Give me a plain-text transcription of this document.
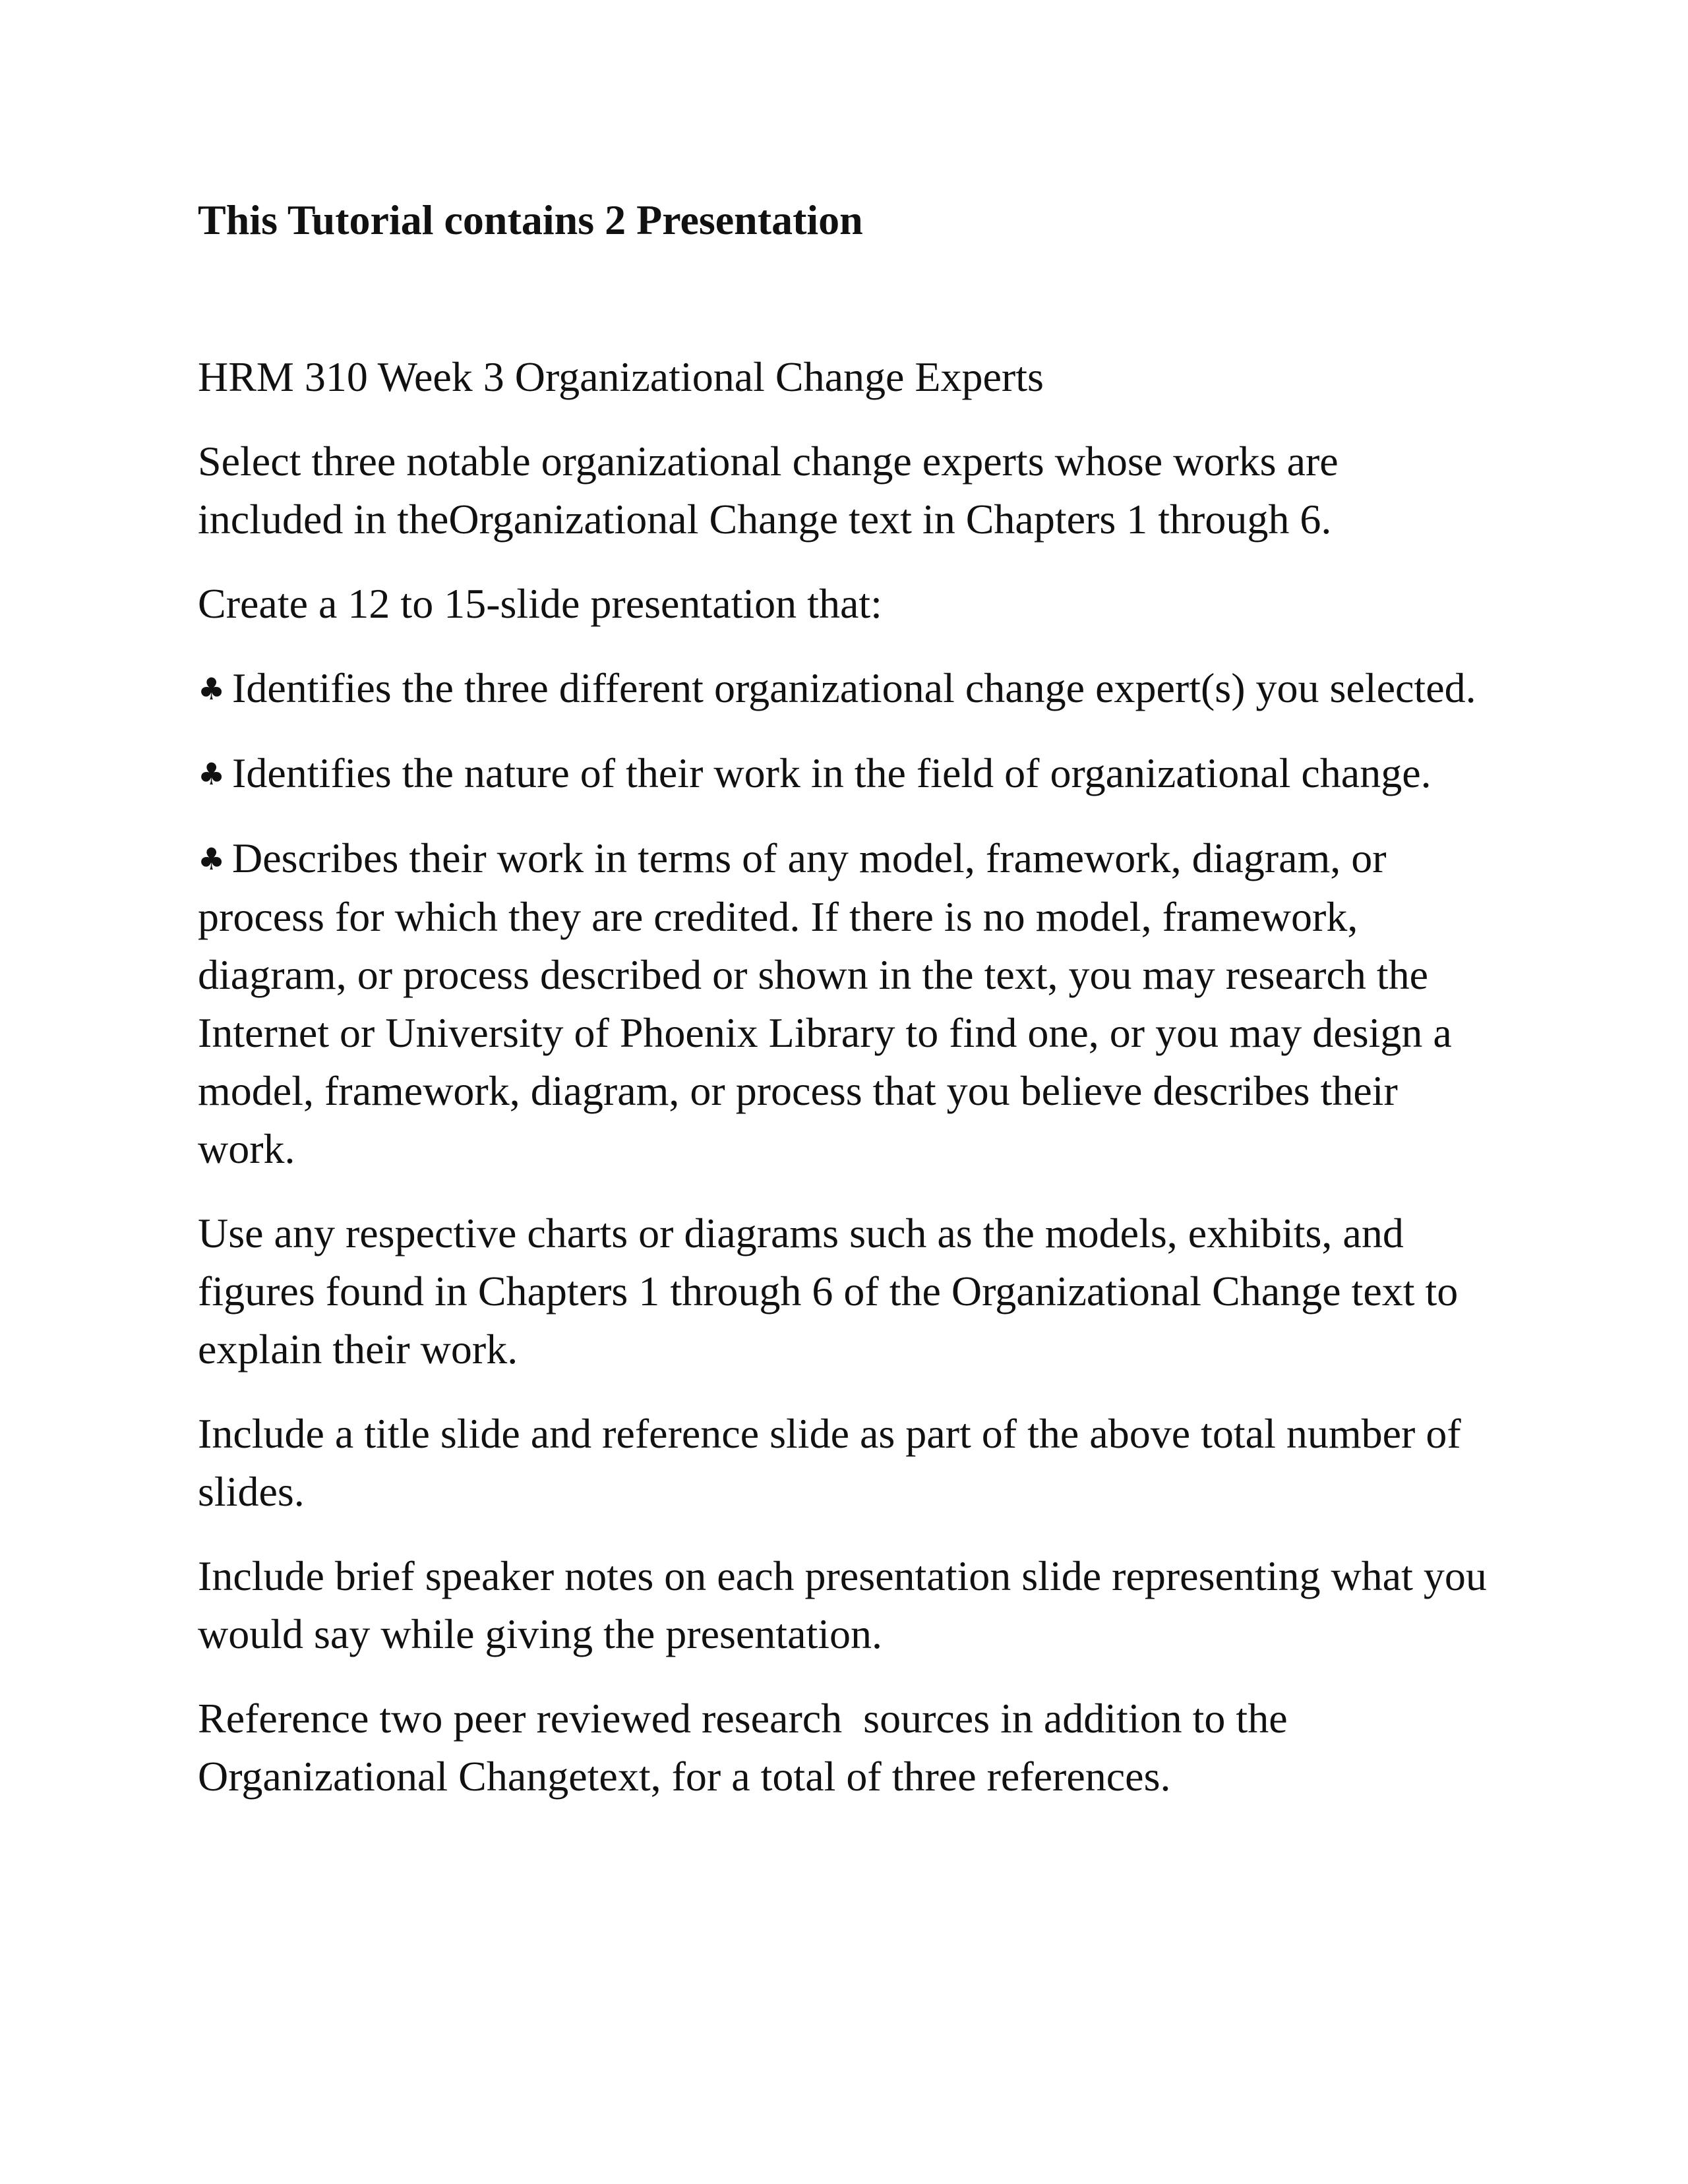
This Tutorial contains 2 Presentation

HRM 310 Week 3 Organizational Change Experts

Select three notable organizational change experts whose works are included in theOrganizational Change text in Chapters 1 through 6.

Create a 12 to 15-slide presentation that:

♣ Identifies the three different organizational change expert(s) you selected.

♣ Identifies the nature of their work in the field of organizational change.

♣ Describes their work in terms of any model, framework, diagram, or process for which they are credited. If there is no model, framework, diagram, or process described or shown in the text, you may research the Internet or University of Phoenix Library to find one, or you may design a model, framework, diagram, or process that you believe describes their work.

Use any respective charts or diagrams such as the models, exhibits, and figures found in Chapters 1 through 6 of the Organizational Change text to explain their work.

Include a title slide and reference slide as part of the above total number of slides.

Include brief speaker notes on each presentation slide representing what you would say while giving the presentation.

Reference two peer reviewed research  sources in addition to the Organizational Changetext, for a total of three references.
